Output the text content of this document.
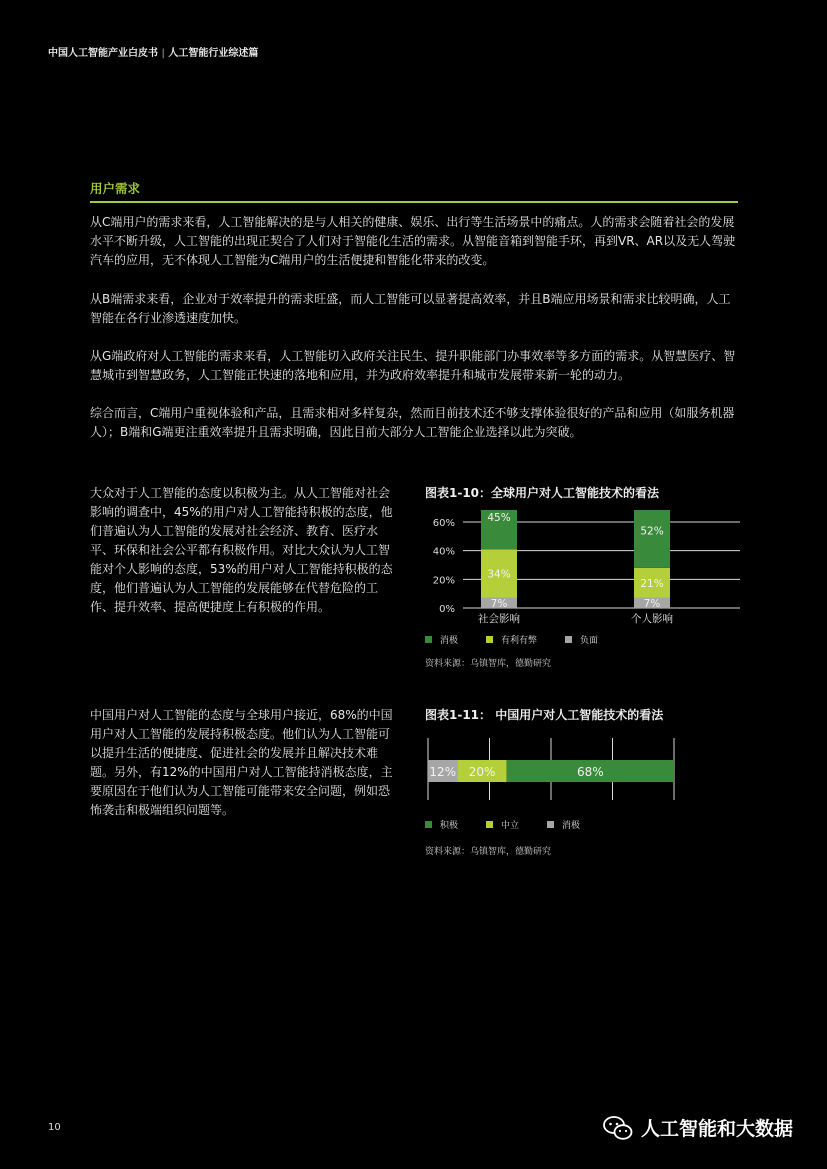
中国人工智能产业白皮书 | 人工智能行业综述篇
用户需求
从C端用户的需求来看，人工智能解决的是与人相关的健康、娱乐、出行等生活场景中的痛点。人的需求会随着社会的发展水平不断升级，人工智能的出现正契合了人们对于智能化生活的需求。从智能音箱到智能手环，再到VR、AR以及无人驾驶汽车的应用，无不体现人工智能为C端用户的生活便捷和智能化带来的改变。
从B端需求来看，企业对于效率提升的需求旺盛，而人工智能可以显著提高效率，并且B端应用场景和需求比较明确，人工智能在各行业渗透速度加快。
从G端政府对人工智能的需求来看，人工智能切入政府关注民生、提升职能部门办事效率等多方面的需求。从智慧医疗、智慧城市到智慧政务，人工智能正快速的落地和应用，并为政府效率提升和城市发展带来新一轮的动力。
综合而言，C端用户重视体验和产品，且需求相对多样复杂，然而目前技术还不够支撑体验很好的产品和应用（如服务机器人）；B端和G端更注重效率提升且需求明确，因此目前大部分人工智能企业选择以此为突破。
大众对于人工智能的态度以积极为主。从人工智能对社会影响的调查中，45%的用户对人工智能持积极的态度，他们普遍认为人工智能的发展对社会经济、教育、医疗水平、环保和社会公平都有积极作用。对比大众认为人工智能对个人影响的态度，53%的用户对人工智能持积极的态度，他们普遍认为人工智能的发展能够在代替危险的工作、提升效率、提高便捷度上有积极的作用。
中国用户对人工智能的态度与全球用户接近，68%的中国用户对人工智能的发展持积极态度。他们认为人工智能可以提升生活的便捷度、促进社会的发展并且解决技术难题。另外，有12%的中国用户对人工智能持消极态度，主要原因在于他们认为人工智能可能带来安全问题，例如恐怖袭击和极端组织问题等。
图表1-10：全球用户对人工智能技术的看法
0%
20%
40%
60%
7%
34%
45%
社会影响
7%
21%
52%
个人影响
消极	有利有弊	负面
资料来源：乌镇智库，德勤研究
图表1-11： 中国用户对人工智能技术的看法
12% 20%	68%
积极	中立	消极
资料来源：乌镇智库，德勤研究
10	人工智能和大数据
